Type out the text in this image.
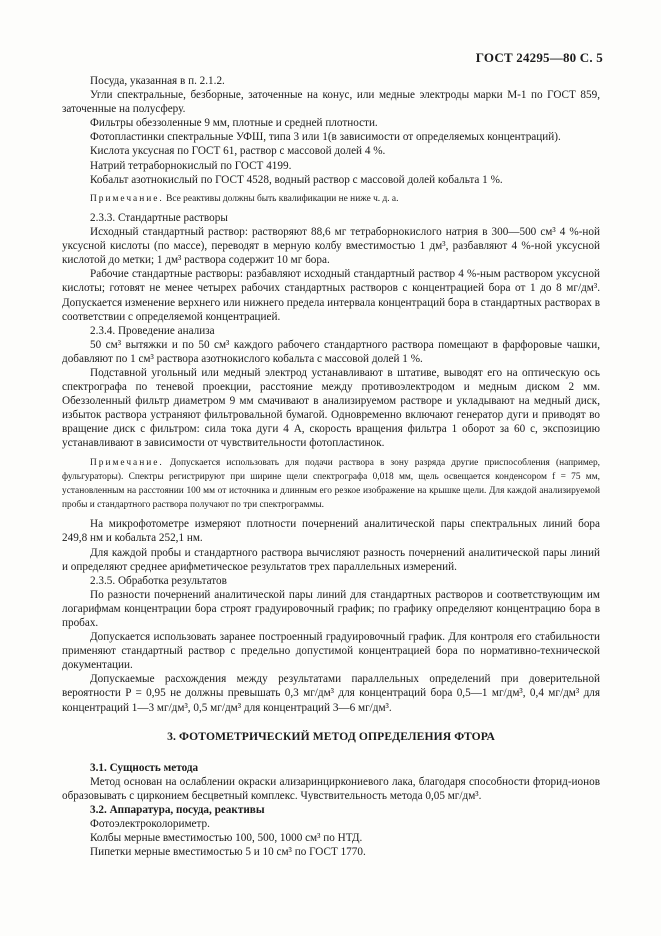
ГОСТ 24295—80 С. 5

Посуда, указанная в п. 2.1.2.

Угли спектральные, безборные, заточенные на конус, или медные электроды марки М-1 по ГОСТ 859, заточенные на полусферу.

Фильтры обеззоленные 9 мм, плотные и средней плотности.

Фотопластинки спектральные УФШ, типа 3 или 1(в зависимости от определяемых концентраций).

Кислота уксусная по ГОСТ 61, раствор с массовой долей 4 %.

Натрий тетраборнокислый по ГОСТ 4199.

Кобальт азотнокислый по ГОСТ 4528, водный раствор с массовой долей кобальта 1 %.

Примечание. Все реактивы должны быть квалификации не ниже ч. д. а.

2.3.3. Стандартные растворы

Исходный стандартный раствор: растворяют 88,6 мг тетраборнокислого натрия в 300—500 см³ 4 %-ной уксусной кислоты (по массе), переводят в мерную колбу вместимостью 1 дм³, разбавляют 4 %-ной уксусной кислотой до метки; 1 дм³ раствора содержит 10 мг бора.

Рабочие стандартные растворы: разбавляют исходный стандартный раствор 4 %-ным раствором уксусной кислоты; готовят не менее четырех рабочих стандартных растворов с концентрацией бора от 1 до 8 мг/дм³. Допускается изменение верхнего или нижнего предела интервала концентраций бора в стандартных растворах в соответствии с определяемой концентрацией.

2.3.4. Проведение анализа

50 см³ вытяжки и по 50 см³ каждого рабочего стандартного раствора помещают в фарфоровые чашки, добавляют по 1 см³ раствора азотнокислого кобальта с массовой долей 1 %.

Подставной угольный или медный электрод устанавливают в штативе, выводят его на оптическую ось спектрографа по теневой проекции, расстояние между противоэлектродом и медным диском 2 мм. Обеззоленный фильтр диаметром 9 мм смачивают в анализируемом растворе и укладывают на медный диск, избыток раствора устраняют фильтровальной бумагой. Одновременно включают генератор дуги и приводят во вращение диск с фильтром: сила тока дуги 4 А, скорость вращения фильтра 1 оборот за 60 с, экспозицию устанавливают в зависимости от чувствительности фотопластинок.

Примечание. Допускается использовать для подачи раствора в зону разряда другие приспособления (например, фульгураторы). Спектры регистрируют при ширине щели спектрографа 0,018 мм, щель освещается конденсором f = 75 мм, установленным на расстоянии 100 мм от источника и длинным его резкое изображение на крышке щели. Для каждой анализируемой пробы и стандартного раствора получают по три спектрограммы.

На микрофотометре измеряют плотности почернений аналитической пары спектральных линий бора 249,8 нм и кобальта 252,1 нм.

Для каждой пробы и стандартного раствора вычисляют разность почернений аналитической пары линий и определяют среднее арифметическое результатов трех параллельных измерений.

2.3.5. Обработка результатов

По разности почернений аналитической пары линий для стандартных растворов и соответствующим им логарифмам концентрации бора строят градуировочный график; по графику определяют концентрацию бора в пробах.

Допускается использовать заранее построенный градуировочный график. Для контроля его стабильности применяют стандартный раствор с предельно допустимой концентрацией бора по нормативно-технической документации.

Допускаемые расхождения между результатами параллельных определений при доверительной вероятности P = 0,95 не должны превышать 0,3 мг/дм³ для концентраций бора 0,5—1 мг/дм³, 0,4 мг/дм³ для концентраций 1—3 мг/дм³, 0,5 мг/дм³ для концентраций 3—6 мг/дм³.

3. ФОТОМЕТРИЧЕСКИЙ МЕТОД ОПРЕДЕЛЕНИЯ ФТОРА

3.1. Сущность метода

Метод основан на ослаблении окраски ализаринциркониевого лака, благодаря способности фторид-ионов образовывать с цирконием бесцветный комплекс. Чувствительность метода 0,05 мг/дм³.

3.2. Аппаратура, посуда, реактивы

Фотоэлектроколориметр.

Колбы мерные вместимостью 100, 500, 1000 см³ по НТД.

Пипетки мерные вместимостью 5 и 10 см³ по ГОСТ 1770.
